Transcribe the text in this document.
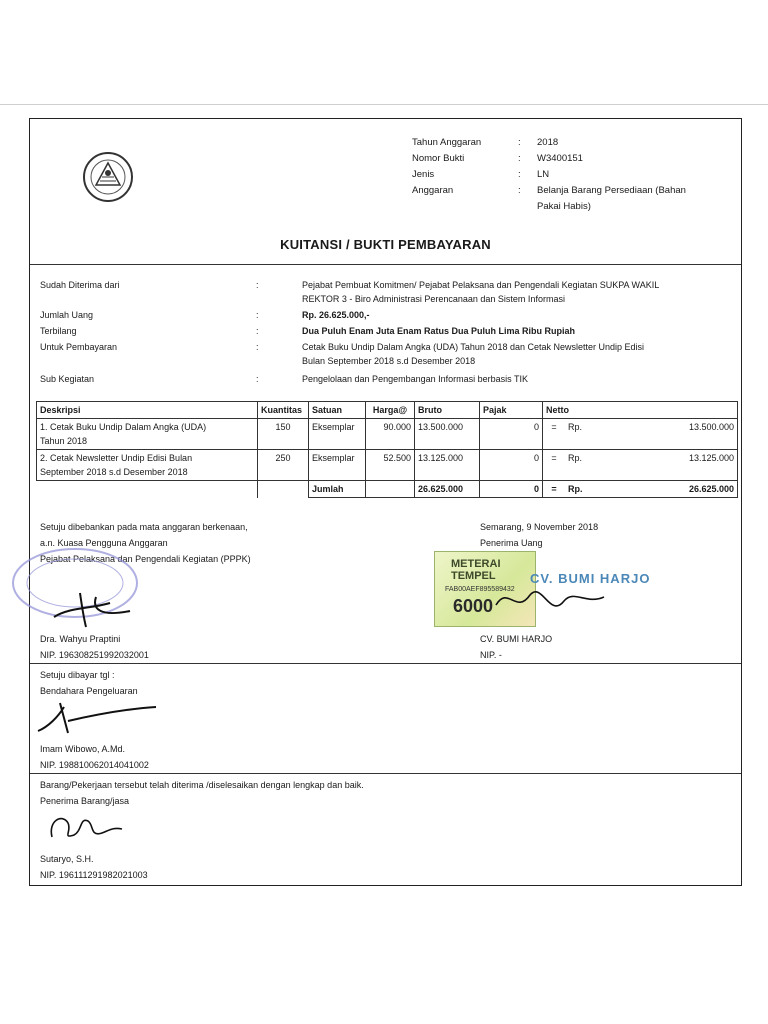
Tahun Anggaran	: 2018
Nomor Bukti	: W3400151
Jenis	: LN
Anggaran	: Belanja Barang Persediaan (Bahan
Pakai Habis)
KUITANSI / BUKTI PEMBAYARAN
Sudah Diterima dari	:	Pejabat Pembuat Komitmen/ Pejabat Pelaksana dan Pengendali Kegiatan SUKPA WAKIL
REKTOR 3 - Biro Administrasi Perencanaan dan Sistem Informasi
Jumlah Uang	:	Rp. 26.625.000,-
Terbilang	:	Dua Puluh Enam Juta Enam Ratus Dua Puluh Lima Ribu Rupiah
Untuk Pembayaran	:	Cetak Buku Undip Dalam Angka (UDA) Tahun 2018 dan Cetak Newsletter Undip Edisi
Bulan September 2018 s.d Desember 2018
Sub Kegiatan	:	Pengelolaan dan Pengembangan Informasi berbasis TIK
Deskripsi	Kuantitas	Satuan	Harga@	Bruto	Pajak	Netto		

1. Cetak Buku Undip Dalam Angka (UDA)
Tahun 2018	150	Eksemplar	90.000	13.500.000	0	=	Rp.	13.500.000

2. Cetak Newsletter Undip Edisi Bulan
September 2018 s.d Desember 2018	250	Eksemplar	52.500	13.125.000	0	=	Rp.	13.125.000
		Jumlah		26.625.000	0	=	Rp.	26.625.000
Setuju dibebankan pada mata anggaran berkenaan,
a.n. Kuasa Pengguna Anggaran
Pejabat Pelaksana dan Pengendali Kegiatan (PPPK)
Dra. Wahyu Praptini
NIP. 196308251992032001
Semarang, 9 November 2018
Penerima Uang
METERAI TEMPEL
FAB00AEF895589432
6000
CV. BUMI HARJO
CV. BUMI HARJO
NIP. -
Setuju dibayar tgl :
Bendahara Pengeluaran
Imam Wibowo, A.Md.
NIP. 198810062014041002
Barang/Pekerjaan tersebut telah diterima /diselesaikan dengan lengkap dan baik.
Penerima Barang/jasa
Sutaryo, S.H.
NIP. 196111291982021003
